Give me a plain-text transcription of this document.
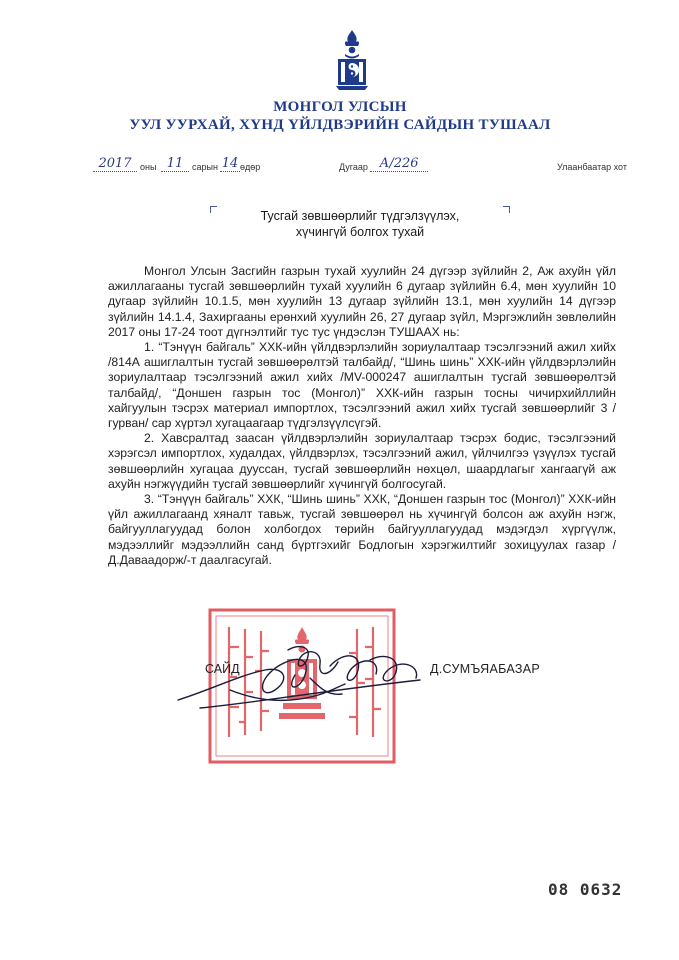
МОНГОЛ УЛСЫН
УУЛ УУРХАЙ, ХҮНД ҮЙЛДВЭРИЙН САЙДЫН ТУШААЛ
2017 оны 11 сарын 14 өдөр	Дугаар А/226	Улаанбаатар хот
Тусгай зөвшөөрлийг түдгэлзүүлэх,
хүчингүй болгох тухай

Монгол Улсын Засгийн газрын тухай хуулийн 24 дүгээр зүйлийн 2, Аж ахуйн үйл ажиллагааны тусгай зөвшөөрлийн тухай хуулийн 6 дугаар зүйлийн 6.4, мөн хуулийн 10 дугаар зүйлийн 10.1.5, мөн хуулийн 13 дугаар зүйлийн 13.1, мөн хуулийн 14 дүгээр зүйлийн 14.1.4, Захиргааны ерөнхий хуулийн 26, 27 дугаар зүйл, Мэргэжлийн зөвлөлийн 2017 оны 17-24 тоот дүгнэлтийг тус тус үндэслэн ТУШААХ нь:

1. “Тэнүүн байгаль” ХХК-ийн үйлдвэрлэлийн зориулалтаар тэсэлгээний ажил хийх /814А ашиглалтын тусгай зөвшөөрөлтэй талбайд/, “Шинь шинь” ХХК-ийн үйлдвэрлэлийн зориулалтаар тэсэлгээний ажил хийх /MV-000247 ашиглалтын тусгай зөвшөөрөлтэй талбайд/, “Доншен газрын тос (Монгол)” ХХК-ийн газрын тосны чичирхийллийн хайгуулын тэсрэх материал импортлох, тэсэлгээний ажил хийх тусгай зөвшөөрлийг 3 /гурван/ сар хүртэл хугацаагаар түдгэлзүүлсүгэй.

2. Хавсралтад заасан үйлдвэрлэлийн зориулалтаар тэсрэх бодис, тэсэлгээний хэрэгсэл импортлох, худалдах, үйлдвэрлэх, тэсэлгээний ажил, үйлчилгээ үзүүлэх тусгай зөвшөөрлийн хугацаа дууссан, тусгай зөвшөөрлийн нөхцөл, шаардлагыг хангаагүй аж ахуйн нэгжүүдийн тусгай зөвшөөрлийг хүчингүй болгосугай.

3. “Тэнүүн байгаль” ХХК, “Шинь шинь” ХХК, “Доншен газрын тос (Монгол)” ХХК-ийн үйл ажиллагаанд хяналт тавьж, тусгай зөвшөөрөл нь хүчингүй болсон аж ахуйн нэгж, байгууллагуудад болон холбогдох төрийн байгууллагуудад мэдэгдэл хүргүүлж, мэдээллийг мэдээллийн санд бүртгэхийг Бодлогын хэрэгжилтийг зохицуулах газар /Д.Даваадорж/-т даалгасугай.

САЙД	Д.СУМЪЯАБАЗАР
08 0632
